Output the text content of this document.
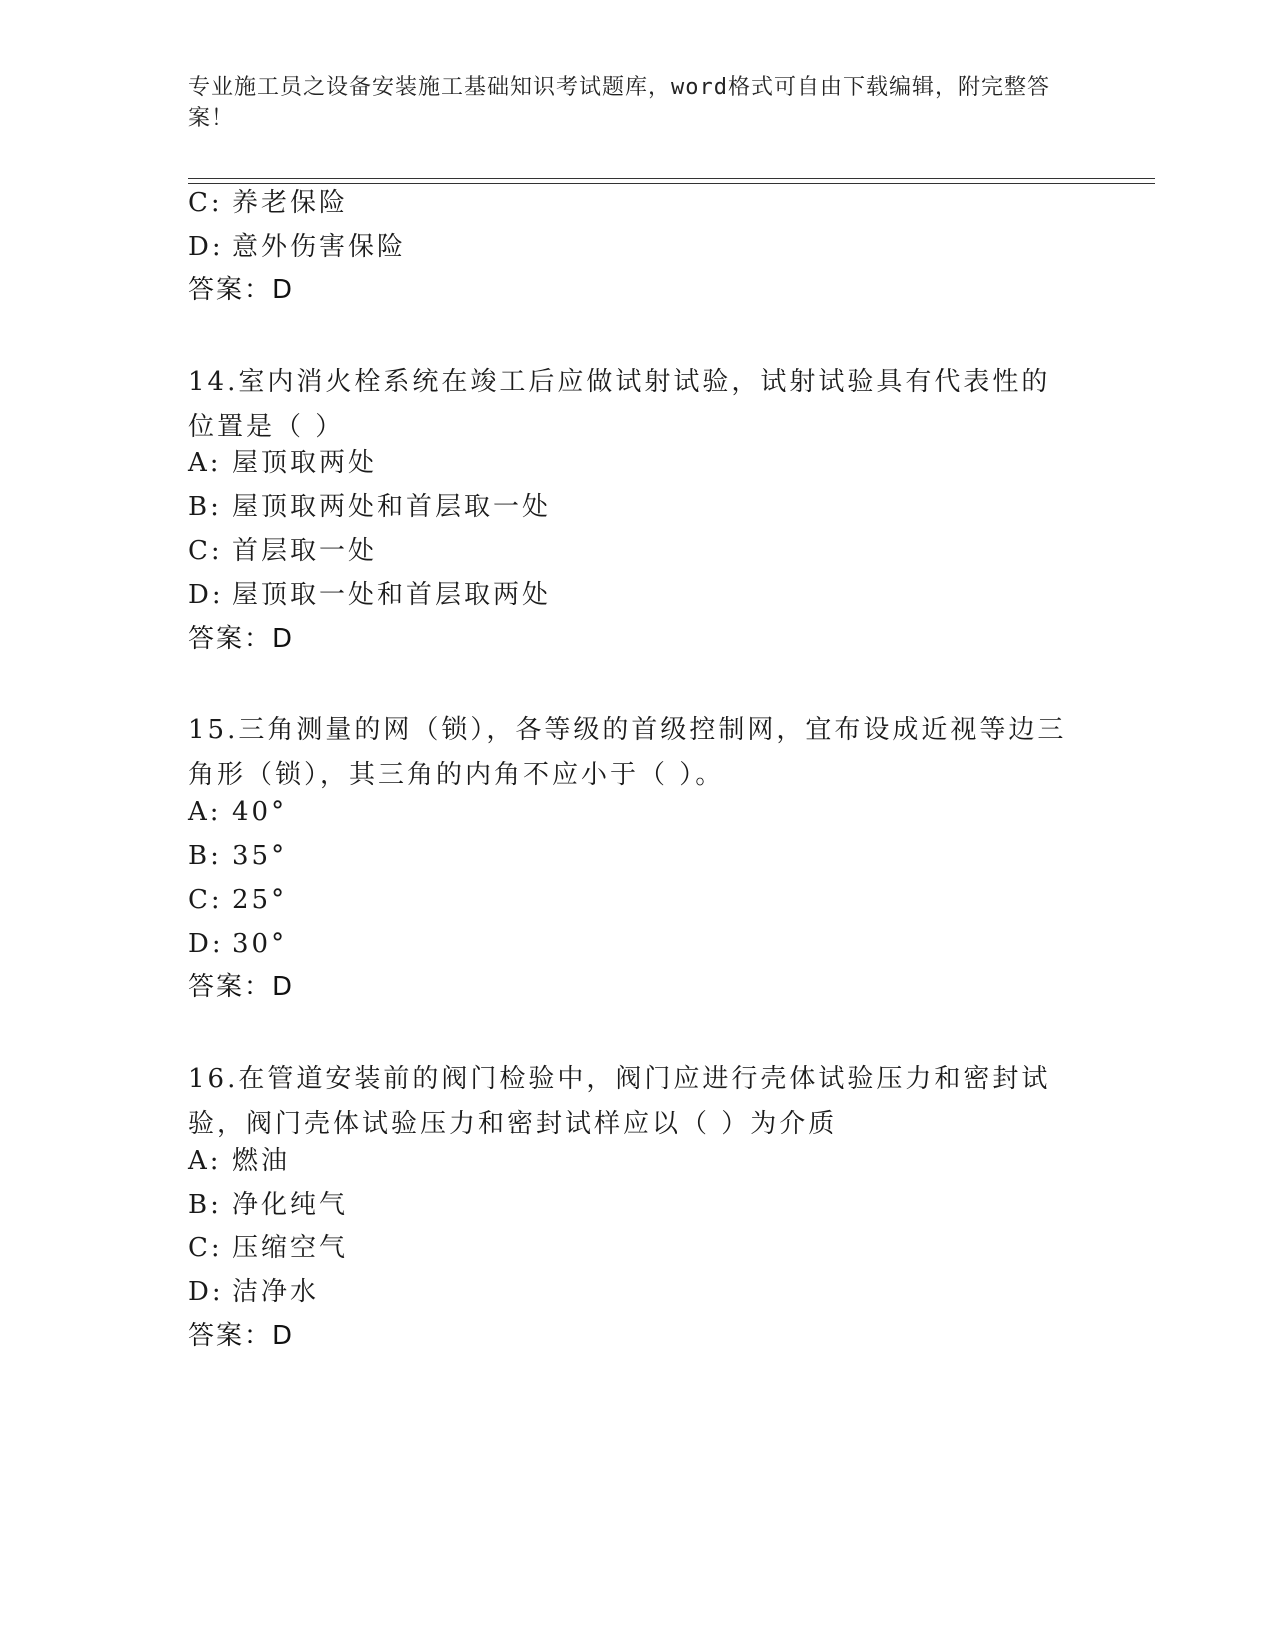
专业施工员之设备安装施工基础知识考试题库，word格式可自由下载编辑，附完整答案！
C: 养老保险
D: 意外伤害保险
答案：D
14.室内消火栓系统在竣工后应做试射试验，试射试验具有代表性的位置是（ ）
A: 屋顶取两处
B: 屋顶取两处和首层取一处
C: 首层取一处
D: 屋顶取一处和首层取两处
答案：D
15.三角测量的网（锁），各等级的首级控制网，宜布设成近视等边三角形（锁），其三角的内角不应小于（ ）。
A: 40°
B: 35°
C: 25°
D: 30°
答案：D
16.在管道安装前的阀门检验中，阀门应进行壳体试验压力和密封试验，阀门壳体试验压力和密封试样应以（ ）为介质
A: 燃油
B: 净化纯气
C: 压缩空气
D: 洁净水
答案：D
